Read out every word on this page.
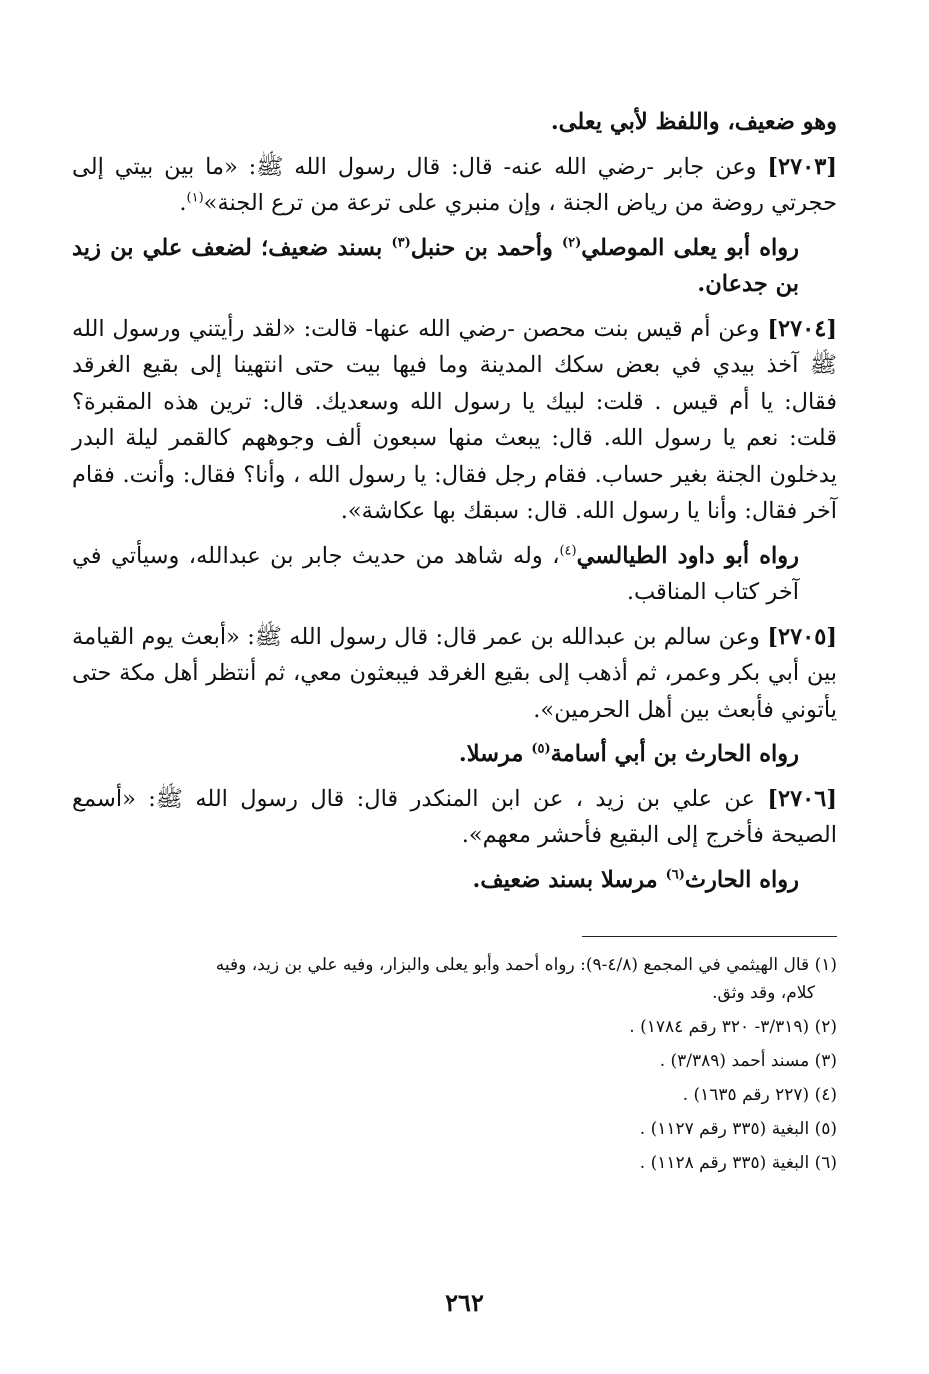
وهو ضعيف، واللفظ لأبي يعلى.

[٢٧٠٣] وعن جابر -رضي الله عنه- قال: قال رسول الله ﷺ: «ما بين بيتي إلى حجرتي روضة من رياض الجنة ، وإن منبري على ترعة من ترع الجنة»$^{(١)}$.

رواه أبو يعلى الموصلي$^{(٢)}$ وأحمد بن حنبل$^{(٣)}$ بسند ضعيف؛ لضعف علي بن زيد بن جدعان.

[٢٧٠٤] وعن أم قيس بنت محصن -رضي الله عنها- قالت: «لقد رأيتني ورسول الله ﷺ آخذ بيدي في بعض سكك المدينة وما فيها بيت حتى انتهينا إلى بقيع الغرقد فقال: يا أم قيس . قلت: لبيك يا رسول الله وسعديك. قال: ترين هذه المقبرة؟ قلت: نعم يا رسول الله. قال: يبعث منها سبعون ألف وجوههم كالقمر ليلة البدر يدخلون الجنة بغير حساب. فقام رجل فقال: يا رسول الله ، وأنا؟ فقال: وأنت. فقام آخر فقال: وأنا يا رسول الله. قال: سبقك بها عكاشة».

رواه أبو داود الطيالسي$^{(٤)}$، وله شاهد من حديث جابر بن عبدالله، وسيأتي في آخر كتاب المناقب.

[٢٧٠٥] وعن سالم بن عبدالله بن عمر قال: قال رسول الله ﷺ: «أبعث يوم القيامة بين أبي بكر وعمر، ثم أذهب إلى بقيع الغرقد فيبعثون معي، ثم أنتظر أهل مكة حتى يأتوني فأبعث بين أهل الحرمين».

رواه الحارث بن أبي أسامة$^{(٥)}$ مرسلا.

[٢٧٠٦] عن علي بن زيد ، عن ابن المنكدر قال: قال رسول الله ﷺ: «أسمع الصيحة فأخرج إلى البقيع فأحشر معهم».

رواه الحارث$^{(٦)}$ مرسلا بسند ضعيف.

(١) قال الهيثمي في المجمع (٤/٨-٩): رواه أحمد وأبو يعلى والبزار، وفيه علي بن زيد، وفيه
كلام، وقد وثق.

(٢) (٣/٣١٩- ٣٢٠ رقم ١٧٨٤) .

(٣) مسند أحمد (٣/٣٨٩) .

(٤) (٢٢٧ رقم ١٦٣٥) .

(٥) البغية (٣٣٥ رقم ١١٢٧) .

(٦) البغية (٣٣٥ رقم ١١٢٨) .

٢٦٢
